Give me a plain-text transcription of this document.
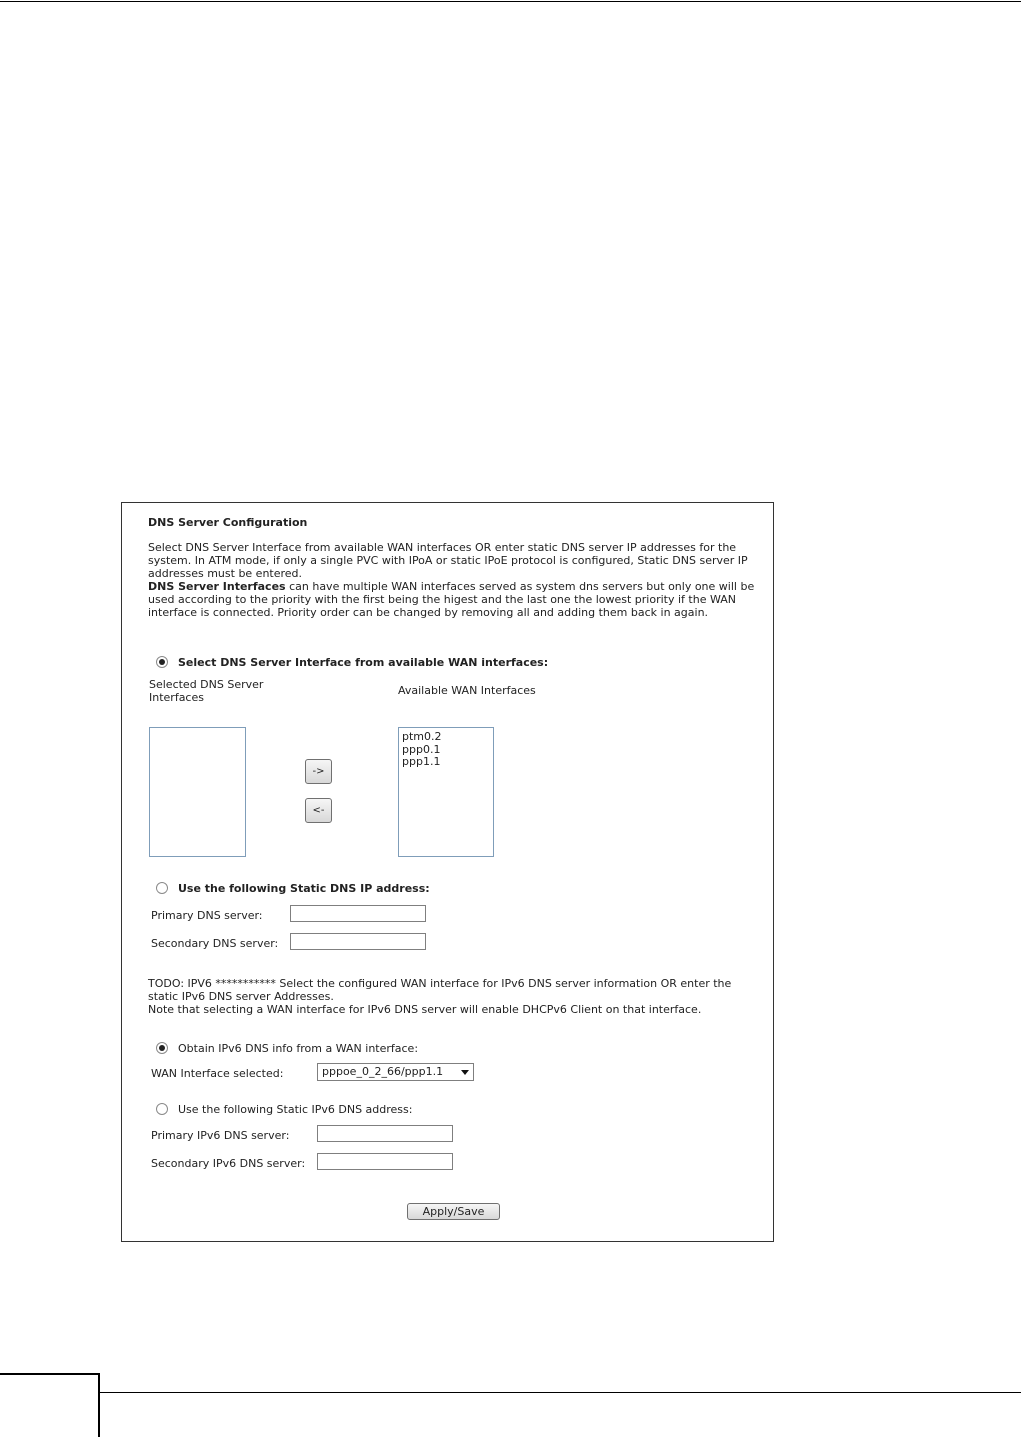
DNS Server Configuration
Select DNS Server Interface from available WAN interfaces OR enter static DNS server IP addresses for the
system. In ATM mode, if only a single PVC with IPoA or static IPoE protocol is configured, Static DNS server IP
addresses must be entered.
DNS Server Interfaces can have multiple WAN interfaces served as system dns servers but only one will be
used according to the priority with the first being the higest and the last one the lowest priority if the WAN
interface is connected. Priority order can be changed by removing all and adding them back in again.
Select DNS Server Interface from available WAN interfaces:
Selected DNS Server
Interfaces
Available WAN Interfaces
->
<-
ptm0.2
ppp0.1
ppp1.1
Use the following Static DNS IP address:
Primary DNS server:
Secondary DNS server:
TODO: IPV6 *********** Select the configured WAN interface for IPv6 DNS server information OR enter the
static IPv6 DNS server Addresses.
Note that selecting a WAN interface for IPv6 DNS server will enable DHCPv6 Client on that interface.
Obtain IPv6 DNS info from a WAN interface:
WAN Interface selected:	pppoe_0_2_66/ppp1.1
Use the following Static IPv6 DNS address:
Primary IPv6 DNS server:
Secondary IPv6 DNS server:
Apply/Save
